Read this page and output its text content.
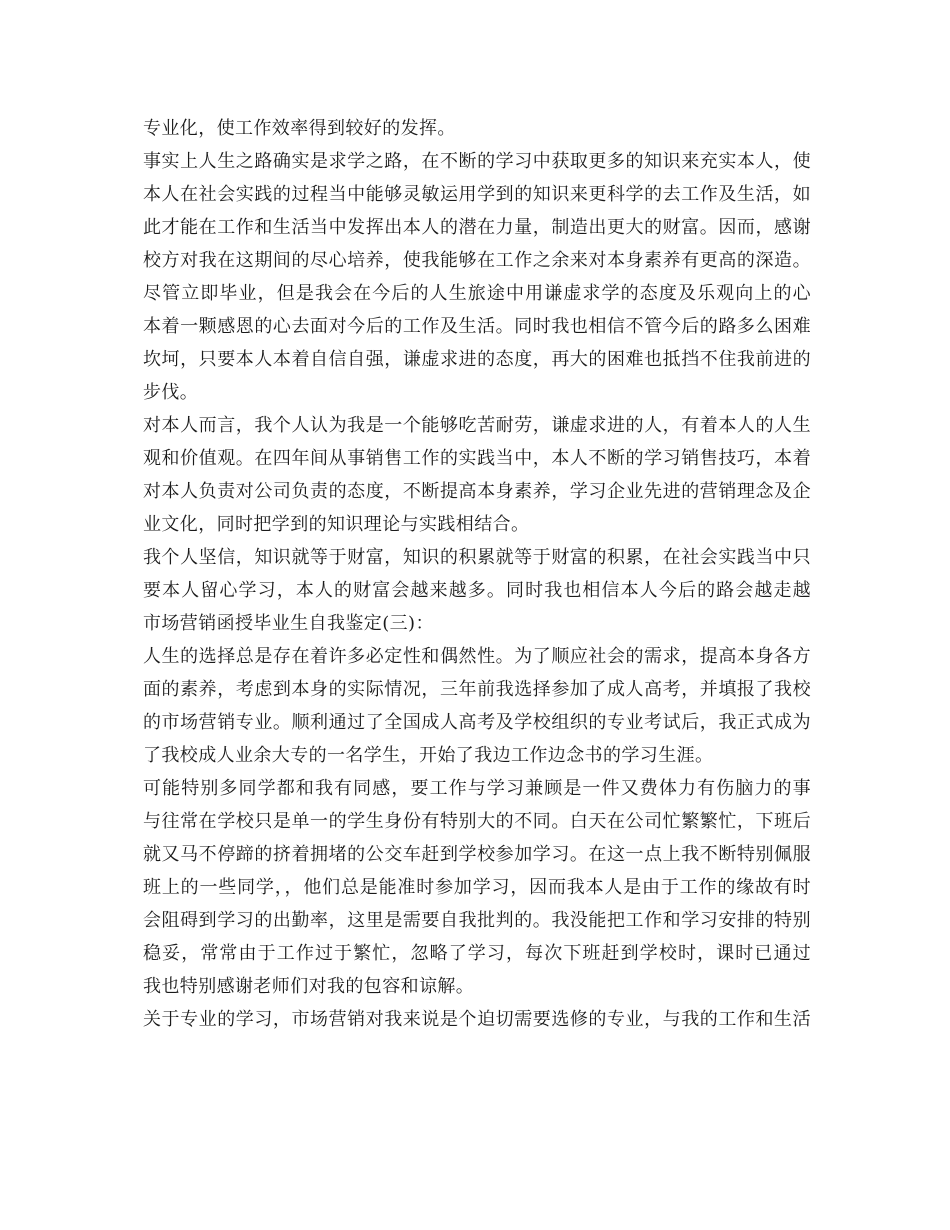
专业化，使工作效率得到较好的发挥。
事实上人生之路确实是求学之路，在不断的学习中获取更多的知识来充实本人，使
本人在社会实践的过程当中能够灵敏运用学到的知识来更科学的去工作及生活，如
此才能在工作和生活当中发挥出本人的潜在力量，制造出更大的财富。因而，感谢
校方对我在这期间的尽心培养，使我能够在工作之余来对本身素养有更高的深造。
尽管立即毕业，但是我会在今后的人生旅途中用谦虚求学的态度及乐观向上的心
本着一颗感恩的心去面对今后的工作及生活。同时我也相信不管今后的路多么困难
坎坷，只要本人本着自信自强，谦虚求进的态度，再大的困难也抵挡不住我前进的
步伐。
对本人而言，我个人认为我是一个能够吃苦耐劳，谦虚求进的人，有着本人的人生
观和价值观。在四年间从事销售工作的实践当中，本人不断的学习销售技巧，本着
对本人负责对公司负责的态度，不断提高本身素养，学习企业先进的营销理念及企
业文化，同时把学到的知识理论与实践相结合。
我个人坚信，知识就等于财富，知识的积累就等于财富的积累，在社会实践当中只
要本人留心学习，本人的财富会越来越多。同时我也相信本人今后的路会越走越
市场营销函授毕业生自我鉴定(三)：
人生的选择总是存在着许多必定性和偶然性。为了顺应社会的需求，提高本身各方
面的素养，考虑到本身的实际情况，三年前我选择参加了成人高考，并填报了我校
的市场营销专业。顺利通过了全国成人高考及学校组织的专业考试后，我正式成为
了我校成人业余大专的一名学生，开始了我边工作边念书的学习生涯。
可能特别多同学都和我有同感，要工作与学习兼顾是一件又费体力有伤脑力的事
与往常在学校只是单一的学生身份有特别大的不同。白天在公司忙繁繁忙，下班后
就又马不停蹄的挤着拥堵的公交车赶到学校参加学习。在这一点上我不断特别佩服
班上的一些同学，，他们总是能准时参加学习，因而我本人是由于工作的缘故有时
会阻碍到学习的出勤率，这里是需要自我批判的。我没能把工作和学习安排的特别
稳妥，常常由于工作过于繁忙，忽略了学习，每次下班赶到学校时，课时已通过
我也特别感谢老师们对我的包容和谅解。
关于专业的学习，市场营销对我来说是个迫切需要选修的专业，与我的工作和生活
